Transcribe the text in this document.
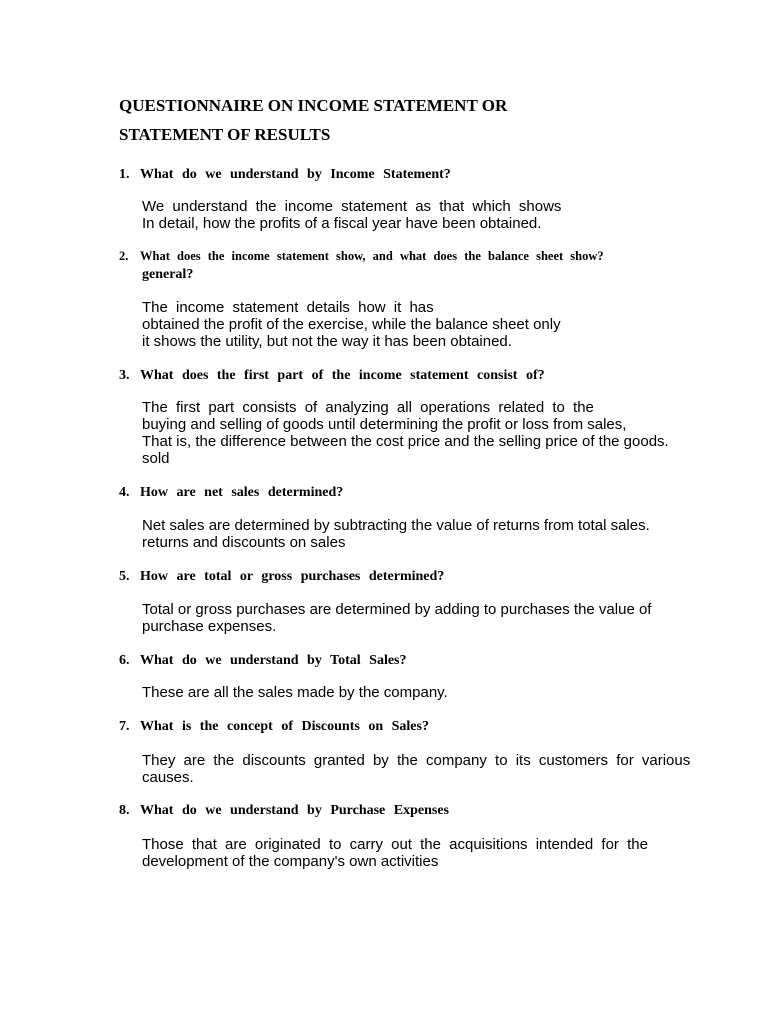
QUESTIONNAIRE ON INCOME STATEMENT OR
STATEMENT OF RESULTS
1. What do we understand by Income Statement?
We understand the income statement as that which shows
In detail, how the profits of a fiscal year have been obtained.
2. What does the income statement show, and what does the balance sheet show?
general?
The income statement details how it has
obtained the profit of the exercise, while the balance sheet only
it shows the utility, but not the way it has been obtained.
3. What does the first part of the income statement consist of?
The first part consists of analyzing all operations related to the
buying and selling of goods until determining the profit or loss from sales,
That is, the difference between the cost price and the selling price of the goods.
sold
4. How are net sales determined?
Net sales are determined by subtracting the value of returns from total sales.
returns and discounts on sales
5. How are total or gross purchases determined?
Total or gross purchases are determined by adding to purchases the value of
purchase expenses.
6. What do we understand by Total Sales?
These are all the sales made by the company.
7. What is the concept of Discounts on Sales?
They are the discounts granted by the company to its customers for various
causes.
8. What do we understand by Purchase Expenses
Those that are originated to carry out the acquisitions intended for the
development of the company's own activities
